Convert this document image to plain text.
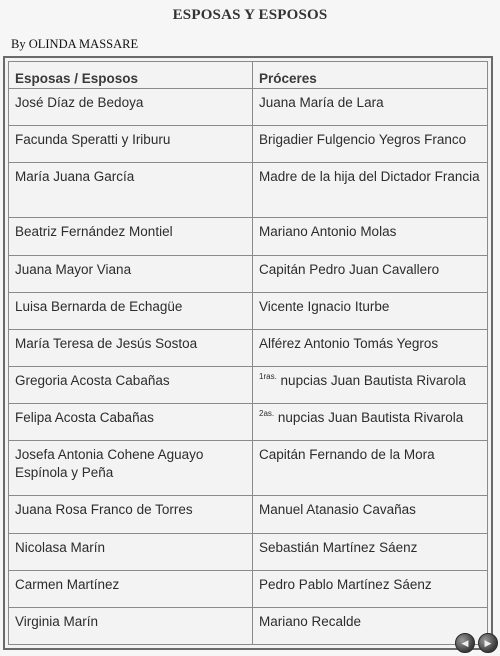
ESPOSAS Y ESPOSOS
By OLINDA MASSARE
Esposas / Esposos	Próceres
José Díaz de Bedoya	Juana María de Lara
Facunda Speratti y Iriburu	Brigadier Fulgencio Yegros Franco
María Juana García	Madre de la hija del Dictador Francia
Beatriz Fernández Montiel	Mariano Antonio Molas
Juana Mayor Viana	Capitán Pedro Juan Cavallero
Luisa Bernarda de Echagüe	Vicente Ignacio Iturbe
María Teresa de Jesús Sostoa	Alférez Antonio Tomás Yegros
Gregoria Acosta Cabañas	$^{1ras.}$ nupcias Juan Bautista Rivarola
Felipa Acosta Cabañas	$^{2as.}$ nupcias Juan Bautista Rivarola
Josefa Antonia Cohene Aguayo Espínola y Peña	Capitán Fernando de la Mora
Juana Rosa Franco de Torres	Manuel Atanasio Cavañas
Nicolasa Marín	Sebastián Martínez Sáenz
Carmen Martínez	Pedro Pablo Martínez Sáenz
Virginia Marín	Mariano Recalde
◀	▶
